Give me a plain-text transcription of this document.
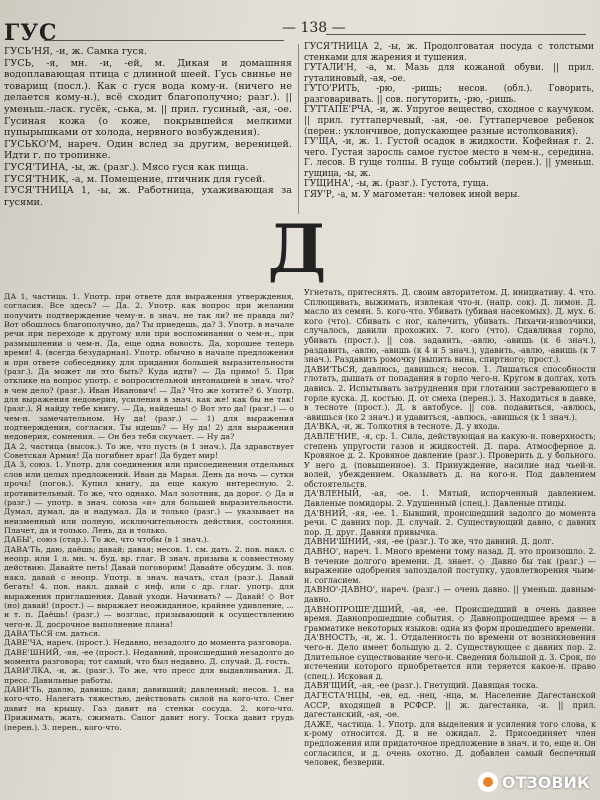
ГУС	— 138 —

ГУСЬ'НЯ, -и, ж. Самка гуся.

ГУСЬ, -я, мн. -и, -ей, м. Дикая и домашняя водоплавающая птица с длинной шеей. Гусь свинье не товарищ (посл.). Как с гуся вода кому-н. (ничего не делается кому-н.), всё сходит благополучно; разг.). || уменьш.-ласк. гусёк, -ська, м. || прил. гусиный, -ая, -ое. Гусиная кожа (о коже, покрывшейся мелкими пупырышками от холода, нервного возбуждения).

ГУСЬКО'М, нареч. Один вслед за другим, вереницей. Идти г. по тропинке.

ГУСЯ'ТИНА, -ы, ж. (разг.). Мясо гуся как пища.

ГУСЯ'ТНИК, -а, м. Помещение, птичник для гусей.

ГУСЯ'ТНИЦА 1, -ы, ж. Работница, ухаживающая за гусями.

ГУСЯ'ТНИЦА 2, -ы, ж. Продолговатая посуда с толстыми стенками для жарения и тушения.

ГУТАЛИ'Н, -а, м. Мазь для кожаной обуви. || прил. гуталиновый, -ая, -ое.

ГУТО'РИТЬ, -рю, -ришь; несов. (обл.). Говорить, разговаривать. || сов. погуторить, -рю, -ришь.

ГУТТАПЕ'РЧА, -и, ж. Упругое вещество, сходное с каучуком. || прил. гуттаперчевый, -ая, -ое. Гуттаперчевое ребенок (перен.: уклончивое, допускающее разные истолкования).

ГУ'ЩА, -и, ж. 1. Густой осадок в жидкости. Кофейная г. 2. чего. Густая заросль самое густое место в чем-н., середина. Г. лесов. В гуще толпы. В гуще событий (перен.). || уменьш. гущица, -ы, ж.

ГУЩИНА', -ы, ж. (разг.). Густота, гуща.

ГЯУ'Р, -а, м. У магометан: человек иной веры.

Д

ДА 1, частица. 1. Употр. при ответе для выражения утверждения, согласия. Все здесь? — Да. 2. Употр. как вопрос при желании получить подтверждение чему-н. в знач. не так ли? не правда ли? Вот обошлось благополучно, да? Ты приедешь, да? 3. Употр. в начале речи при переходе к другому или при воспоминании о чем-н., при размышлении о чем-н. Да, еще одна новость. Да, хорошее теперь время! 4. (всегда безударная). Употр. обычно в начале предложения и при ответе собеседнику для придания большей выразительности (разг.). Да может ли это быть? Куда идти? — Да прямо! 5. При отклике на вопрос употр. с вопросительной интонацией в знач. что? в чем дело? (разг.). Иван Иванович! — Да? Что же хотите? 6. Употр. для выражения недоверия, усиления в знач. как же! как бы не так! (разг.). Я найду тебе книгу. — Да, найдешь! ◇ Вот это да! (разг.) — о чем-н. замечательном. Ну да! (разг.) — 1) для выражения подтверждения, согласия. Ты идешь? — Ну да! 2) для выражения недоверия, сомнения. — Он без тебя скучает. — Ну да?

ДА 2, частица (высок.). То же, что пусть (в 1 знач.). Да здравствует Советская Армия! Да погибнет враг! Да будет мир!

ДА 3, союз. 1. Употр. для соединения или присоединения отдельных слов или целых предложений. Иван да Марья. День да ночь — сутки прочь! (погов.). Купил книгу, да еще какую интересную. 2. противительный. То же, что однако. Мал золотник, да дорог. ◇ Да и (разг.) — употр. в знач. союза «и» для большей выразительности. Думал, думал, да и надумал. Да и только (разг.) — указывает на неизменный или полную, исключительность действия, состояния. Плачет, да и только. Лень, да и только.

ДАБЫ', союз (стар.). То же, что чтобы (в 1 знач.).

ДАВА'ТЬ, даю, даёшь; давай; давая; несов. 1. см. дать. 2. пов. накл. с неопр. или 1 л. мн. ч. буд. вр. глаг. В знач. призыва к совместному действию. Давайте петь! Давай поговорим! Давайте обсудим. 3. пов. накл. давай с неопр. Употр. в знач. начать, стал (разг.). Давай бегать! 4. пов. накл. давай с инф. или с др. глаг. употр. для выражения приглашения. Давай уходи. Начинать? — Давай! ◇ Вот (но) давай! (прост.) — выражает неожиданное, крайнее удивление, ... и т. п. Даёшь! (разг.) — возглас, призывающий к осуществлению чего-н. Д. досрочное выполнение плана!

ДАВА'ТЬСЯ см. даться.

ДАВЕ'ЧА, нареч. (прост.). Недавно, незадолго до момента разговора.

ДАВЕ'ШНИЙ, -яя, -ее (прост.). Недавний, происшедший незадолго до момента разговора; тот самый, что был недавно. Д. случай. Д. гость.

ДАВИ'ЛКА, -и, ж. (разг.). То же, что пресс для выдавливания. Д. пресс. Давильные работы.

ДАВИ'ТЬ, давлю, давишь; давя; давивший; давленный; несов. 1. на кого-что. Налегать тяжестью, действовать силой на кого-что. Снег давит на крышу. Газ давит на стенки сосуда. 2. кого-что. Прижимать, жать, сжимать. Сапог давит ногу. Тоска давит грудь (перен.). 3. перен., кого-что.

Угнетать, притеснять. Д. своим авторитетом. Д. инициативу. 4. что. Сплющивать, выжимать, извлекая что-н. (напр. сок). Д. лимон. Д. масло из семян. 5. кого-что. Убивать (убивая насекомых). Д. мух. 6. кого (что). Сбивать с ног, калечить, убивать. Лихачи-извозчики, случалось, давили прохожих. 7. кого (что). Сдавливая горло, убивать (прост.). || сов. задавить, -авлю, -авишь (к 6 знач.), раздавить, -авлю, -авишь (к 4 и 5 знач.), удавить, -авлю, -авишь (к 7 знач.). Раздавить ромочку (выпить вина, спиртного; прост.).

ДАВИ'ТЬСЯ, давлюсь, давишься; несов. 1. Лишаться способности глотать, дышать от попадания в горло чего-н. Кругом в долгах, хоть давись. 2. Испытывать затруднения при глотании застревающего в горле куска. Д. костью. Д. от смеха (перен.). 3. Находиться в давке, в тесноте (прост.). Д. в автобусе. || сов. подавиться, -авлюсь, -авишься (ко 2 знач.) и удавиться, -авлюсь, -авишься (к 1 знач.).

ДА'ВКА, -и, ж. Толкотня в тесноте. Д. у входа.

ДАВЛЕ'НИЕ, -я, ср. 1. Сила, действующая на какую-н. поверхность; степень упругости газов и жидкостей. Д. пара. Атмосферное д. Кровяное д. 2. Кровяное давление (разг.). Проверить д. у больного. У него д. (повышенное). 3. Принуждение, насилие над чьей-н. волей, убеждением. Оказывать д. на кого-н. Под давлением обстоятельств.

ДА'ВЛЕНЫЙ, -ая, -ое. 1. Мятый, испорченный давлением. Давленые помидоры. 2. Удушенный (спец.). Давленые птицы.

ДА'ВНИЙ, -яя, -ее. 1. Бывший, происшедший задолго до момента речи. С давних пор. Д. случай. 2. Существующий давно, с давних пор. Д. друг. Давняя привычка.

ДАВНИ'ШНИЙ, -яя, -ее (разг.). То же, что давний. Д. долг.

ДАВНО', нареч. 1. Много времени тому назад. Д. это произошло. 2. В течение долгого времени. Д. знает. ◇ Давно бы так (разг.) — выражение одобрения запоздалой поступку, удовлетворения чьим-н. согласием.

ДАВНО'-ДАВНО', нареч. (разг.) — очень давно. || уменьш. давным-давно.

ДАВНОПРОШЕ'ДШИЙ, -ая, -ее. Происшедший в очень давнее время. Давнопрошедшие события. ◇ Давнопрошедшее время — в грамматике некоторых языков: одна из форм прошедшего времени.

ДА'ВНОСТЬ, -и, ж. 1. Отдаленность по времени от возникновения чего-н. Дело имеет большую д. 2. Существующее с давних пор. 2. Длительное существование чего-н. Сведения большой д. 3. Срок, по истечении которого приобретается или теряется какое-н. право (спец.). Исковая д.

ДАВЯ'ЩИЙ, -ая, -ее (разг.). Гнетущий. Давящая тоска.

ДАГЕСТА'НЦЫ, -ев, ед. -нец, -нца, м. Население Дагестанской АССР, входящей в РСФСР. || ж. дагестанка, -и. || прил. дагестанский, -ая, -ое.

ДАЖЕ, частица. 1. Употр. для выделения и усиления того слова, к к-рому относится. Д. и не ожидал. 2. Присоединяет член предложения или придаточное предложение в знач. и то, еще и. Он согласился, и д. очень охотно. Д. добавлен самый беспечный человек, безверии.

ОТЗОВИК
